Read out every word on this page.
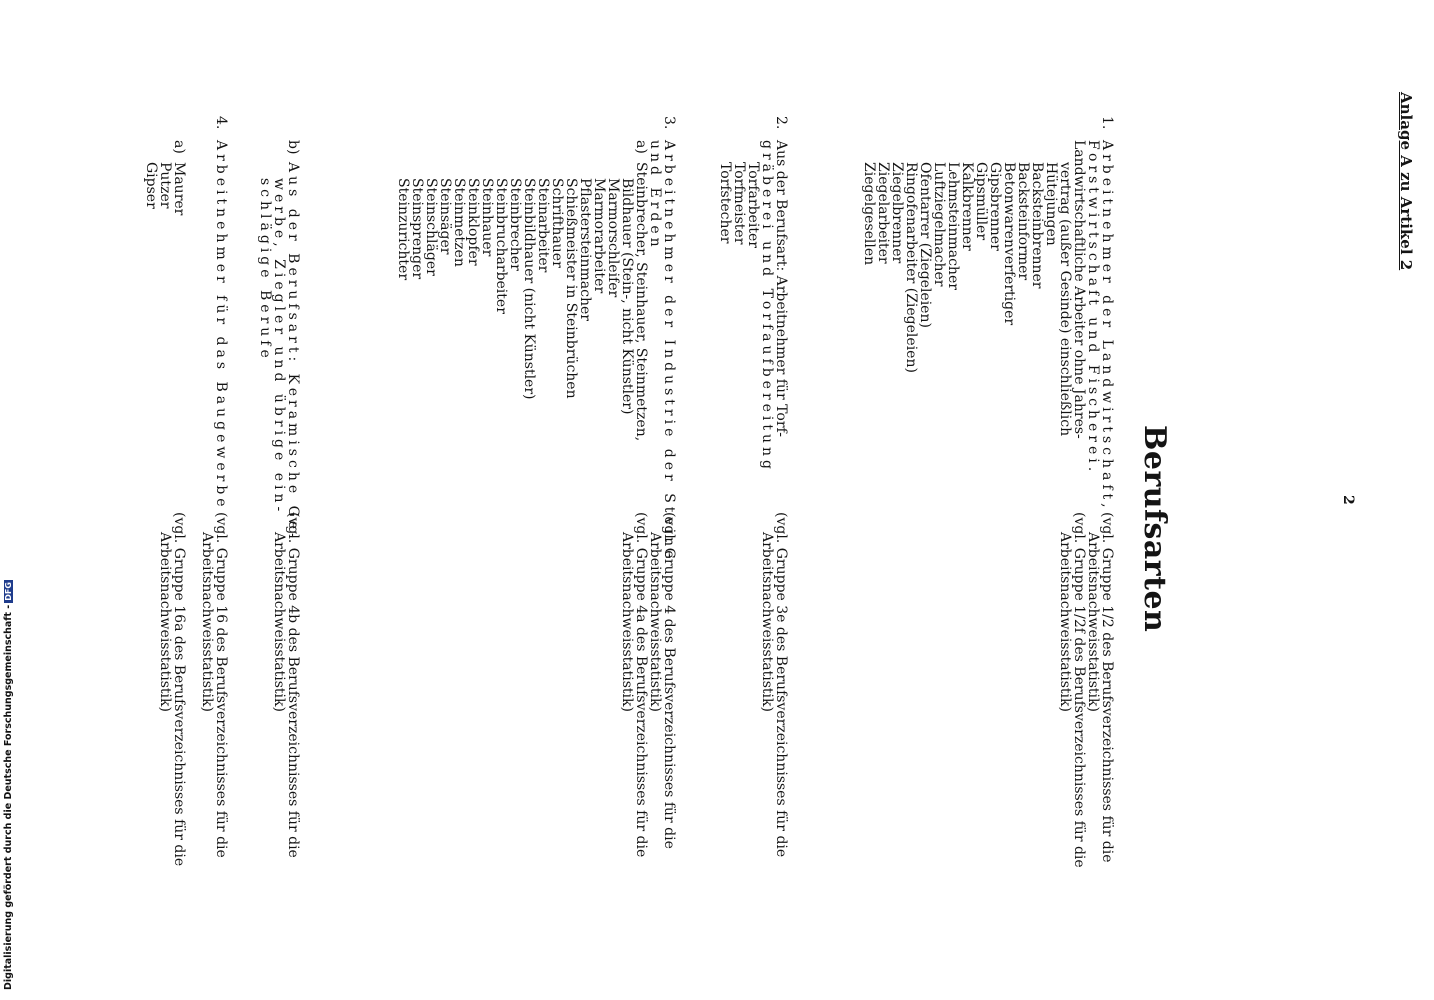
Anlage A zu Artikel 2
2
Berufsarten
1.
Arbeitnehmer der Landwirtschaft,
Forstwirtschaft und Fischerei.
Landwirtschaftliche Arbeiter ohne Jahres-
vertrag (außer Gesinde) einschließlich
Hütejungen
Backsteinbrenner
Backsteinformer
Betonwarenverfertiger
Gipsbrenner
Gipsmüller
Kalkbrenner
Lehmsteinmacher
Luftziegelmacher
Ofentarrer (Ziegeleien)
Ringofenarbeiter (Ziegeleien)
Ziegelbrenner
Ziegelarbeiter
Ziegelgesellen
(vgl. Gruppe 1/2 des Berufsverzeichnisses für die
Arbeitsnachweisstatistik)
(vgl. Gruppe 1/2f des Berufsverzeichnisses für die
Arbeitsnachweisstatistik)
2.
Aus der Berufsart: Arbeitnehmer für Torf-
gräberei und Torfaufbereitung
Torfarbeiter
Torfmeister
Torfstecher
(vgl. Gruppe 3e des Berufsverzeichnisses für die
Arbeitsnachweisstatistik)
3.
Arbeitnehmer der Industrie der Steine
und Erden
a)
Steinbrecher, Steinhauer, Steinmetzen,
Bildhauer (Stein-, nicht Künstler)
Marmorschleifer
Marmorarbeiter
Pflastersteinmacher
Schießmeister in Steinbrüchen
Schrifthauer
Steinarbeiter
Steinbildhauer (nicht Künstler)
Steinbrecher
Steinbrucharbeiter
Steinhauer
Steinklopfer
Steinmetzen
Steinsäger
Steinschläger
Steinsprenger
Steinzurichter
(vgl. Gruppe 4 des Berufsverzeichnisses für die
Arbeitsnachweisstatistik)
(vgl. Gruppe 4a des Berufsverzeichnisses für die
Arbeitsnachweisstatistik)
b)
Aus der Berufsart: Keramische Ge-
werbe, Ziegler und übrige ein-
schlägige Berufe
(vgl. Gruppe 4b des Berufsverzeichnisses für die
Arbeitsnachweisstatistik)
4.
Arbeitnehmer für das Baugewerbe
(vgl. Gruppe 16 des Berufsverzeichnisses für die
Arbeitsnachweisstatistik)
a)
Maurer
Putzer
Gipser
(vgl. Gruppe 16a des Berufsverzeichnisses für die
Arbeitsnachweisstatistik)
Digitalisierung gefördert durch die Deutsche Forschungsgemeinschaft -DFG
